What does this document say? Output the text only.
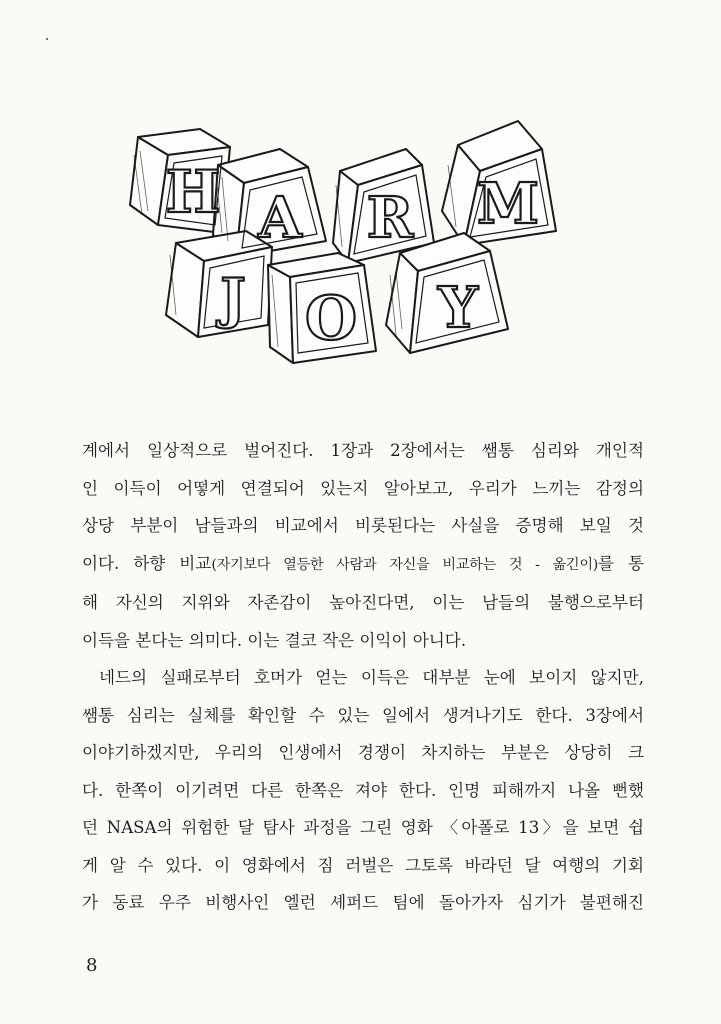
H A R M
J O Y
계에서 일상적으로 벌어진다. 1장과 2장에서는 쌤통 심리와 개인적
인 이득이 어떻게 연결되어 있는지 알아보고, 우리가 느끼는 감정의
상당 부분이 남들과의 비교에서 비롯된다는 사실을 증명해 보일 것
이다. 하향 비교(자기보다 열등한 사람과 자신을 비교하는 것 - 옮긴이)를 통
해 자신의 지위와 자존감이 높아진다면, 이는 남들의 불행으로부터
이득을 본다는 의미다. 이는 결코 작은 이익이 아니다.
네드의 실패로부터 호머가 얻는 이득은 대부분 눈에 보이지 않지만,
쌤통 심리는 실체를 확인할 수 있는 일에서 생겨나기도 한다. 3장에서
이야기하겠지만, 우리의 인생에서 경쟁이 차지하는 부분은 상당히 크
다. 한쪽이 이기려면 다른 한쪽은 져야 한다. 인명 피해까지 나올 뻔했
던 NASA의 위험한 달 탐사 과정을 그린 영화 〈아폴로 13〉을 보면 쉽
게 알 수 있다. 이 영화에서 짐 러벌은 그토록 바라던 달 여행의 기회
가 동료 우주 비행사인 엘런 셰퍼드 팀에 돌아가자 심기가 불편해진
8
